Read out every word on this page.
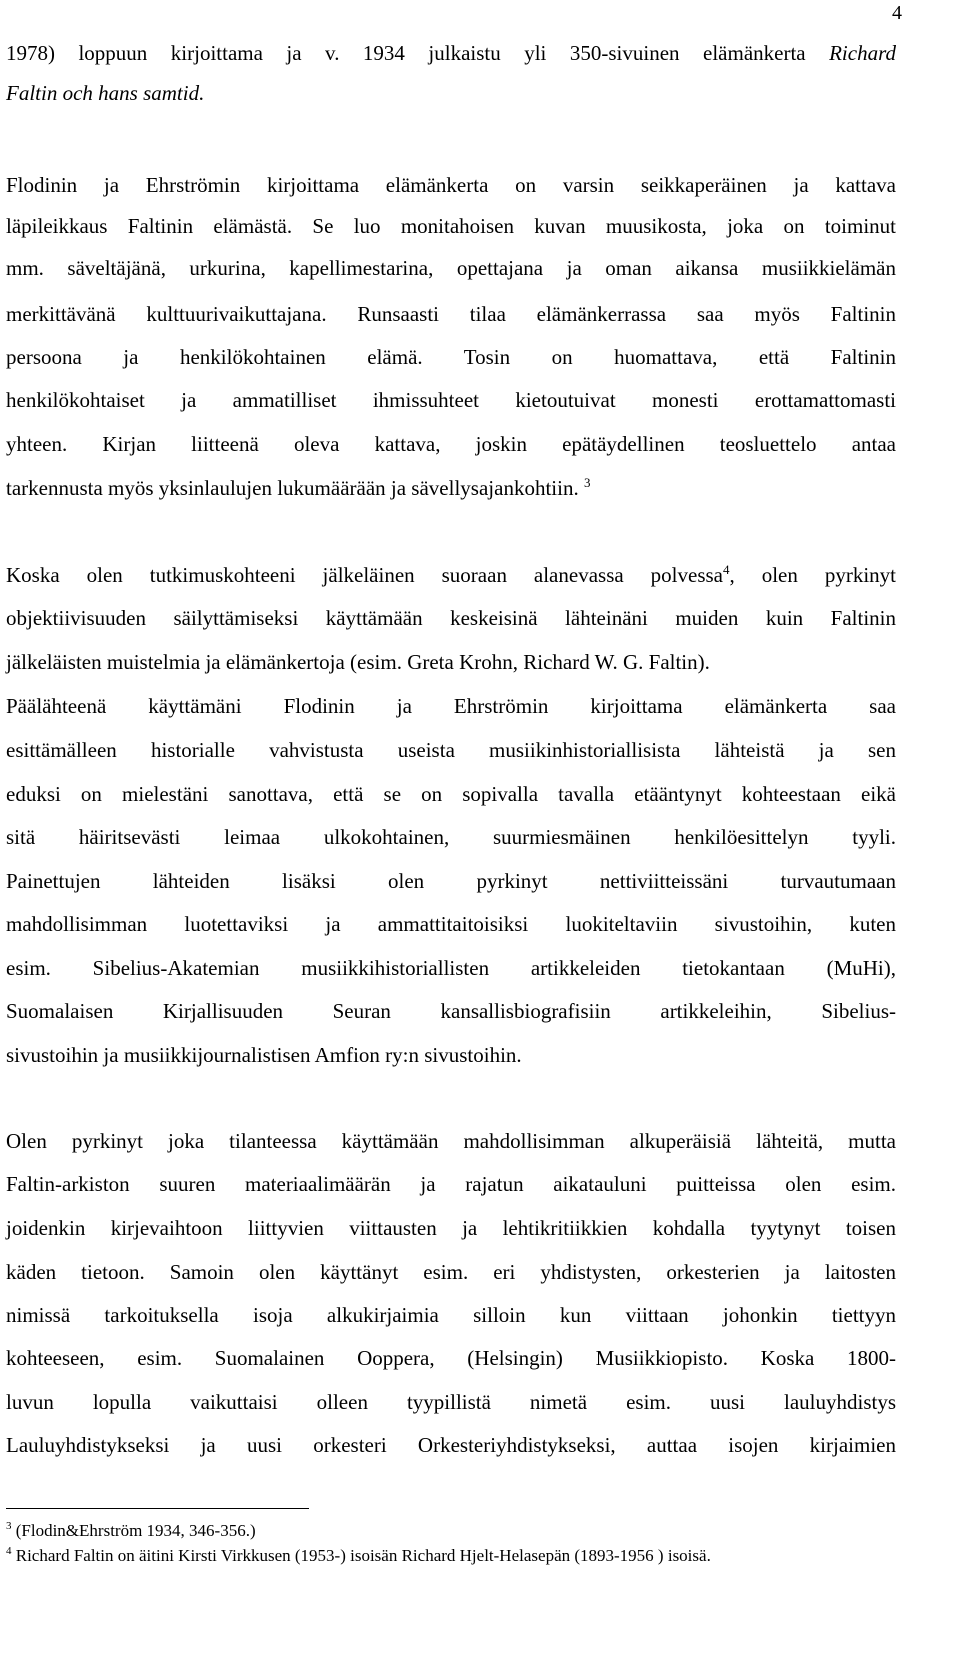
4
1978) loppuun kirjoittama ja v. 1934 julkaistu yli 350-sivuinen elämänkerta Richard
Faltin och hans samtid.
Flodinin ja Ehrströmin kirjoittama elämänkerta on varsin seikkaperäinen ja kattava
läpileikkaus Faltinin elämästä. Se luo monitahoisen kuvan muusikosta, joka on toiminut
mm. säveltäjänä, urkurina, kapellimestarina, opettajana ja oman aikansa musiikkielämän
merkittävänä kulttuurivaikuttajana. Runsaasti tilaa elämänkerrassa saa myös Faltinin
persoona ja henkilökohtainen elämä. Tosin on huomattava, että Faltinin
henkilökohtaiset ja ammatilliset ihmissuhteet kietoutuivat monesti erottamattomasti
yhteen. Kirjan liitteenä oleva kattava, joskin epätäydellinen teosluettelo antaa
tarkennusta myös yksinlaulujen lukumäärään ja sävellysajankohtiin. $^3$
Koska olen tutkimuskohteeni jälkeläinen suoraan alanevassa polvessa$^4$, olen pyrkinyt
objektiivisuuden säilyttämiseksi käyttämään keskeisinä lähteinäni muiden kuin Faltinin
jälkeläisten muistelmia ja elämänkertoja (esim. Greta Krohn, Richard W. G. Faltin).
Päälähteenä käyttämäni Flodinin ja Ehrströmin kirjoittama elämänkerta saa
esittämälleen historialle vahvistusta useista musiikinhistoriallisista lähteistä ja sen
eduksi on mielestäni sanottava, että se on sopivalla tavalla etääntynyt kohteestaan eikä
sitä häiritsevästi leimaa ulkokohtainen, suurmiesmäinen henkilöesittelyn tyyli.
Painettujen lähteiden lisäksi olen pyrkinyt nettiviitteissäni turvautumaan
mahdollisimman luotettaviksi ja ammattitaitoisiksi luokiteltaviin sivustoihin, kuten
esim. Sibelius-Akatemian musiikkihistoriallisten artikkeleiden tietokantaan (MuHi),
Suomalaisen Kirjallisuuden Seuran kansallisbiografisiin artikkeleihin, Sibelius-
sivustoihin ja musiikkijournalistisen Amfion ry:n sivustoihin.
Olen pyrkinyt joka tilanteessa käyttämään mahdollisimman alkuperäisiä lähteitä, mutta
Faltin-arkiston suuren materiaalimäärän ja rajatun aikatauluni puitteissa olen esim.
joidenkin kirjevaihtoon liittyvien viittausten ja lehtikritiikkien kohdalla tyytynyt toisen
käden tietoon. Samoin olen käyttänyt esim. eri yhdistysten, orkesterien ja laitosten
nimissä tarkoituksella isoja alkukirjaimia silloin kun viittaan johonkin tiettyyn
kohteeseen, esim. Suomalainen Ooppera, (Helsingin) Musiikkiopisto. Koska 1800-
luvun lopulla vaikuttaisi olleen tyypillistä nimetä esim. uusi lauluyhdistys
Lauluyhdistykseksi ja uusi orkesteri Orkesteriyhdistykseksi, auttaa isojen kirjaimien
$^3$ (Flodin&Ehrström 1934, 346-356.)
$^4$ Richard Faltin on äitini Kirsti Virkkusen (1953-) isoisän Richard Hjelt-Helasepän (1893-1956 ) isoisä.
